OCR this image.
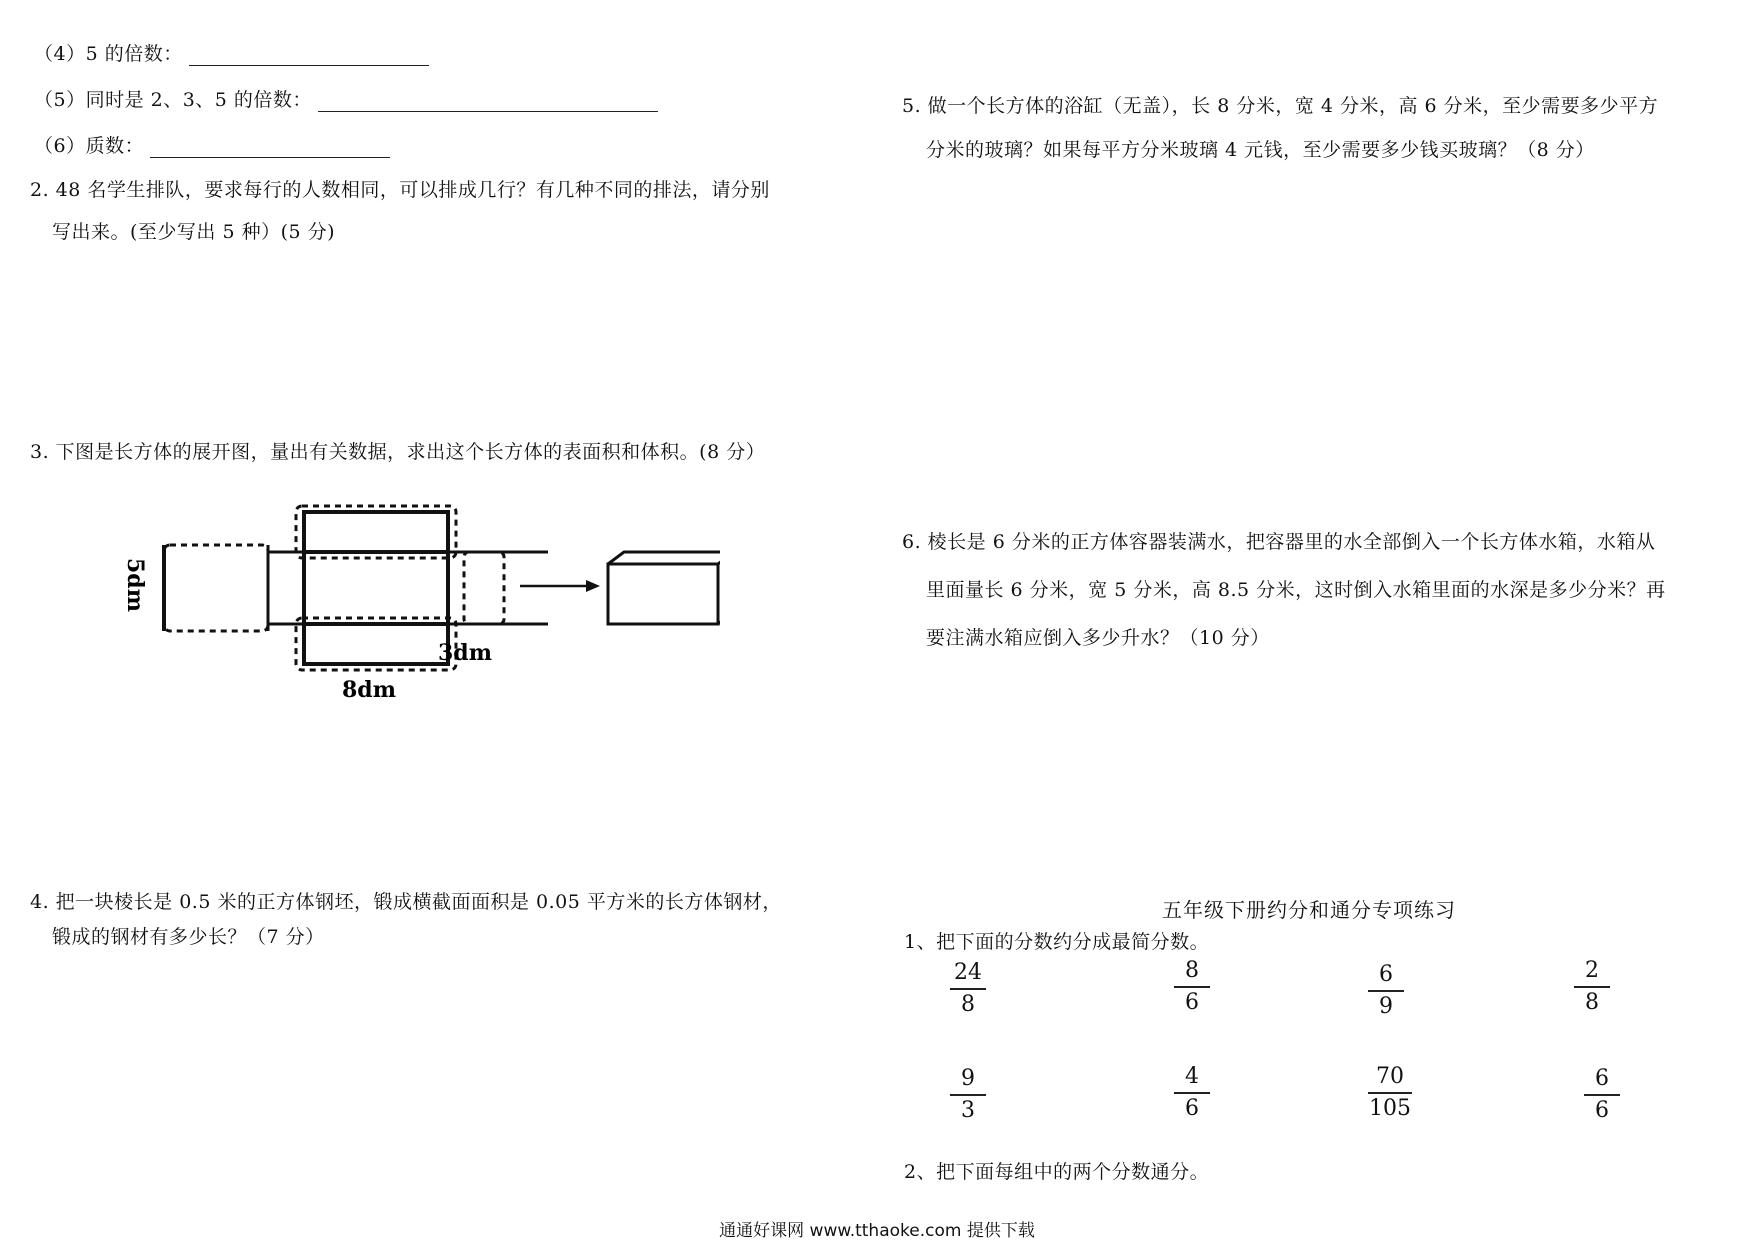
（4）5 的倍数：
（5）同时是 2、3、5 的倍数：
（6）质数：
2. 48 名学生排队，要求每行的人数相同，可以排成几行？有几种不同的排法，请分别
写出来。(至少写出 5 种）(5 分)
3. 下图是长方体的展开图，量出有关数据，求出这个长方体的表面积和体积。(8 分）
5dm
3dm
8dm
4. 把一块棱长是 0.5 米的正方体钢坯，锻成横截面面积是 0.05 平方米的长方体钢材，
锻成的钢材有多少长？（7 分）
5. 做一个长方体的浴缸（无盖），长 8 分米，宽 4 分米，高 6 分米，至少需要多少平方
分米的玻璃？如果每平方分米玻璃 4 元钱，至少需要多少钱买玻璃？（8 分）
6. 棱长是 6 分米的正方体容器装满水，把容器里的水全部倒入一个长方体水箱，水箱从
里面量长 6 分米，宽 5 分米，高 8.5 分米，这时倒入水箱里面的水深是多少分米？再
要注满水箱应倒入多少升水？（10 分）
五年级下册约分和通分专项练习
1、把下面的分数约分成最简分数。
24
8
8
6
6
9
2
8
9
3
4
6
70
105
6
6
2、把下面每组中的两个分数通分。
通通好课网 www.tthaoke.com 提供下载
